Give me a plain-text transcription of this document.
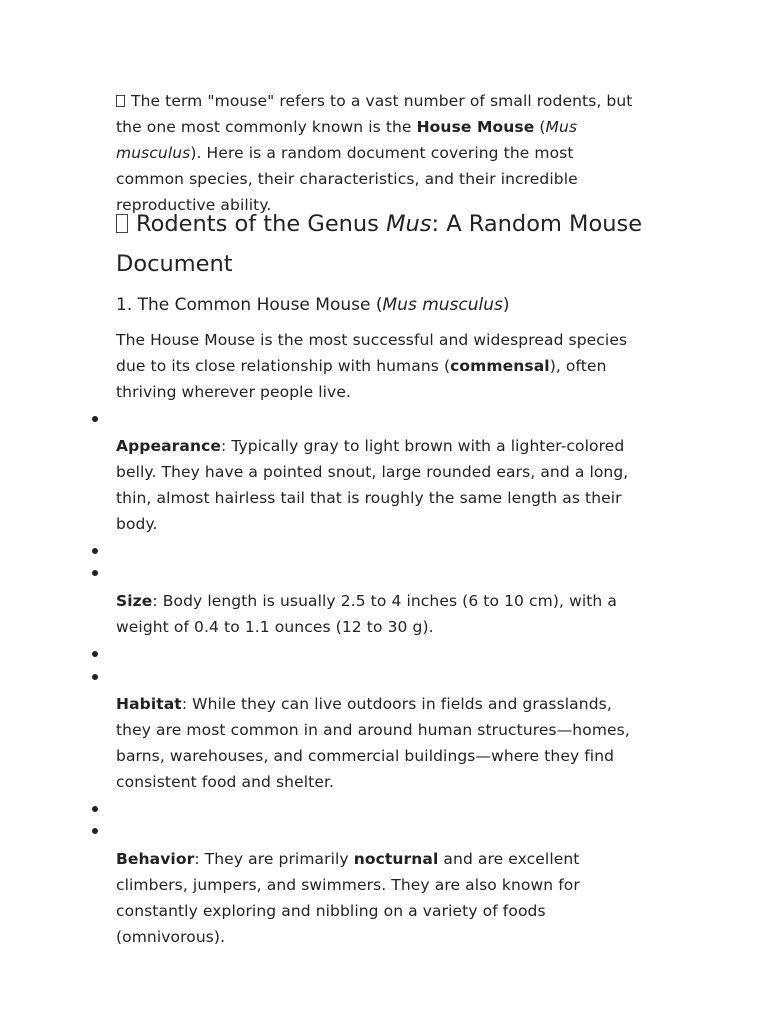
The term "mouse" refers to a vast number of small rodents, but the one most commonly known is the House Mouse (Mus musculus). Here is a random document covering the most common species, their characteristics, and their incredible reproductive ability.

Rodents of the Genus Mus: A Random Mouse Document
1. The Common House Mouse (Mus musculus)

The House Mouse is the most successful and widespread species due to its close relationship with humans (commensal), often thriving wherever people live.

Appearance: Typically gray to light brown with a lighter-colored belly. They have a pointed snout, large rounded ears, and a long, thin, almost hairless tail that is roughly the same length as their body.

Size: Body length is usually 2.5 to 4 inches (6 to 10 cm), with a weight of 0.4 to 1.1 ounces (12 to 30 g).

Habitat: While they can live outdoors in fields and grasslands, they are most common in and around human structures—homes, barns, warehouses, and commercial buildings—where they find consistent food and shelter.

Behavior: They are primarily nocturnal and are excellent climbers, jumpers, and swimmers. They are also known for constantly exploring and nibbling on a variety of foods (omnivorous).
